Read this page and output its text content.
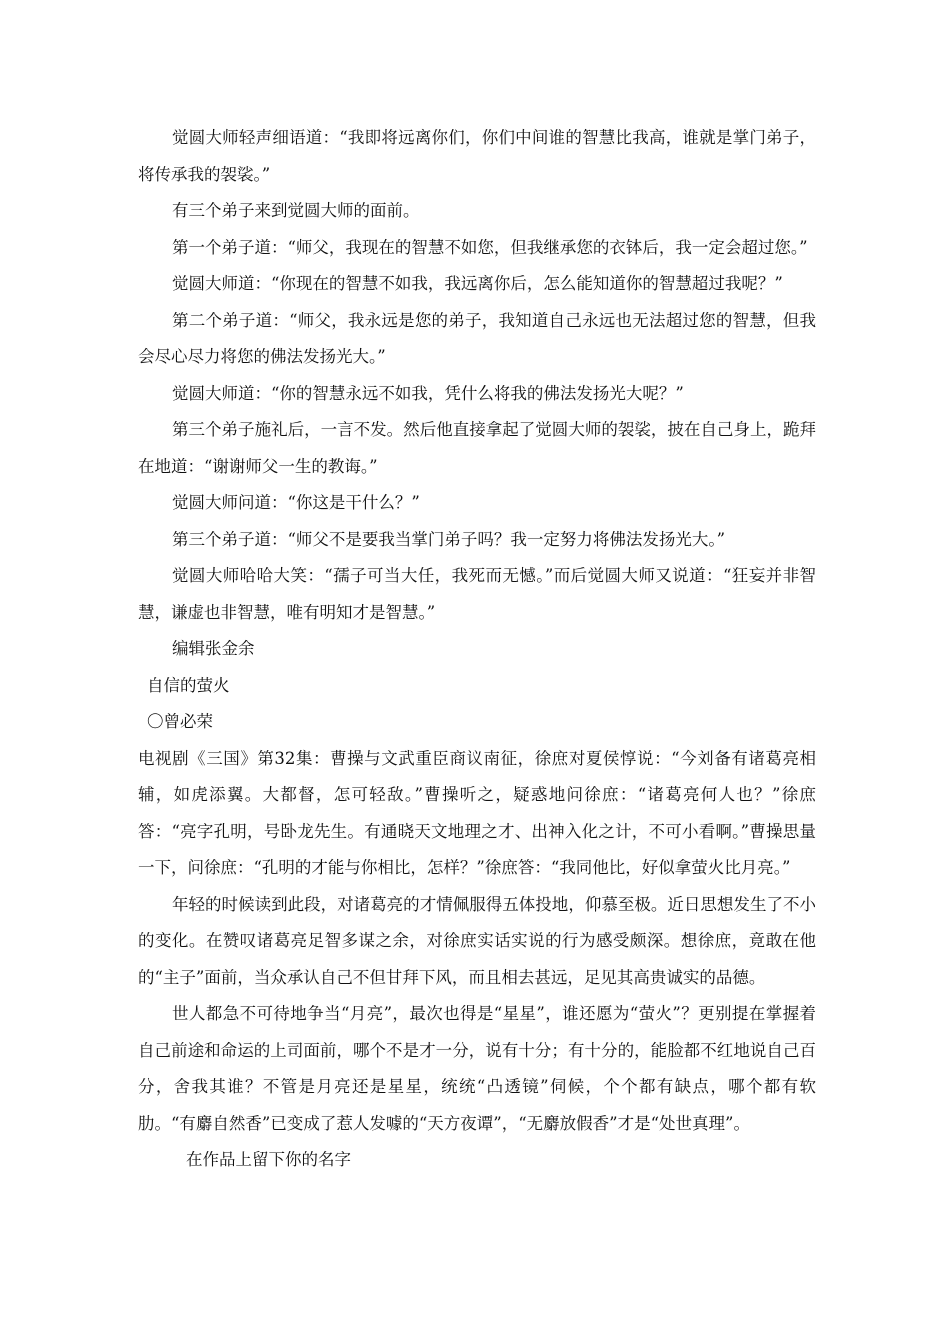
觉圆大师轻声细语道：“我即将远离你们，你们中间谁的智慧比我高，谁就是掌门弟子，将传承我的袈裟。”

有三个弟子来到觉圆大师的面前。

第一个弟子道：“师父，我现在的智慧不如您，但我继承您的衣钵后，我一定会超过您。”

觉圆大师道：“你现在的智慧不如我，我远离你后，怎么能知道你的智慧超过我呢？”

第二个弟子道：“师父，我永远是您的弟子，我知道自己永远也无法超过您的智慧，但我会尽心尽力将您的佛法发扬光大。”

觉圆大师道：“你的智慧永远不如我，凭什么将我的佛法发扬光大呢？”

第三个弟子施礼后，一言不发。然后他直接拿起了觉圆大师的袈裟，披在自己身上，跪拜在地道：“谢谢师父一生的教诲。”

觉圆大师问道：“你这是干什么？”

第三个弟子道：“师父不是要我当掌门弟子吗？我一定努力将佛法发扬光大。”

觉圆大师哈哈大笑：“孺子可当大任，我死而无憾。”而后觉圆大师又说道：“狂妄并非智慧，谦虚也非智慧，唯有明知才是智慧。”

编辑张金余

自信的萤火

〇曾必荣

电视剧《三国》第32集：曹操与文武重臣商议南征，徐庶对夏侯惇说：“今刘备有诸葛亮相辅，如虎添翼。大都督，怎可轻敌。”曹操听之，疑惑地问徐庶：“诸葛亮何人也？”徐庶答：“亮字孔明，号卧龙先生。有通晓天文地理之才、出神入化之计，不可小看啊。”曹操思量一下，问徐庶：“孔明的才能与你相比，怎样？”徐庶答：“我同他比，好似拿萤火比月亮。”

年轻的时候读到此段，对诸葛亮的才情佩服得五体投地，仰慕至极。近日思想发生了不小的变化。在赞叹诸葛亮足智多谋之余，对徐庶实话实说的行为感受颇深。想徐庶，竟敢在他的“主子”面前，当众承认自己不但甘拜下风，而且相去甚远，足见其高贵诚实的品德。

世人都急不可待地争当“月亮”，最次也得是“星星”，谁还愿为“萤火”？更别提在掌握着自己前途和命运的上司面前，哪个不是才一分，说有十分；有十分的，能脸都不红地说自己百分，舍我其谁？不管是月亮还是星星，统统“凸透镜”伺候，个个都有缺点，哪个都有软肋。“有麝自然香”已变成了惹人发噱的“天方夜谭”，“无麝放假香”才是“处世真理”。

在作品上留下你的名字
